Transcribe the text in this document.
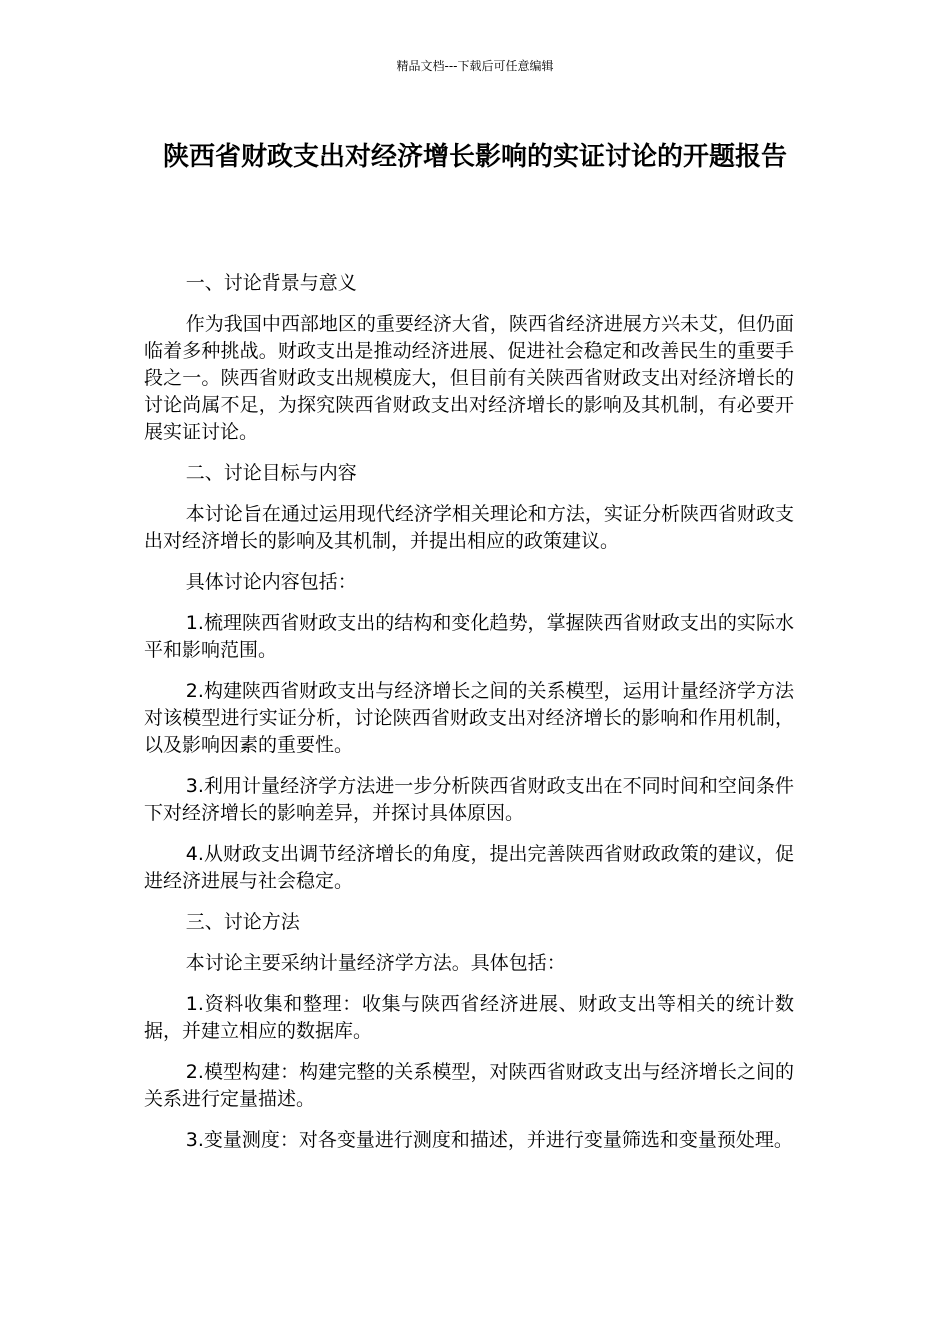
精品文档---下载后可任意编辑
陕西省财政支出对经济增长影响的实证讨论的开题报告

一、讨论背景与意义

作为我国中西部地区的重要经济大省，陕西省经济进展方兴未艾，但仍面临着多种挑战。财政支出是推动经济进展、促进社会稳定和改善民生的重要手段之一。陕西省财政支出规模庞大，但目前有关陕西省财政支出对经济增长的讨论尚属不足，为探究陕西省财政支出对经济增长的影响及其机制，有必要开展实证讨论。

二、讨论目标与内容

本讨论旨在通过运用现代经济学相关理论和方法，实证分析陕西省财政支出对经济增长的影响及其机制，并提出相应的政策建议。

具体讨论内容包括：

1.梳理陕西省财政支出的结构和变化趋势，掌握陕西省财政支出的实际水平和影响范围。

2.构建陕西省财政支出与经济增长之间的关系模型，运用计量经济学方法对该模型进行实证分析，讨论陕西省财政支出对经济增长的影响和作用机制，以及影响因素的重要性。

3.利用计量经济学方法进一步分析陕西省财政支出在不同时间和空间条件下对经济增长的影响差异，并探讨具体原因。

4.从财政支出调节经济增长的角度，提出完善陕西省财政政策的建议，促进经济进展与社会稳定。

三、讨论方法

本讨论主要采纳计量经济学方法。具体包括：

1.资料收集和整理：收集与陕西省经济进展、财政支出等相关的统计数据，并建立相应的数据库。

2.模型构建：构建完整的关系模型，对陕西省财政支出与经济增长之间的关系进行定量描述。

3.变量测度：对各变量进行测度和描述，并进行变量筛选和变量预处理。
